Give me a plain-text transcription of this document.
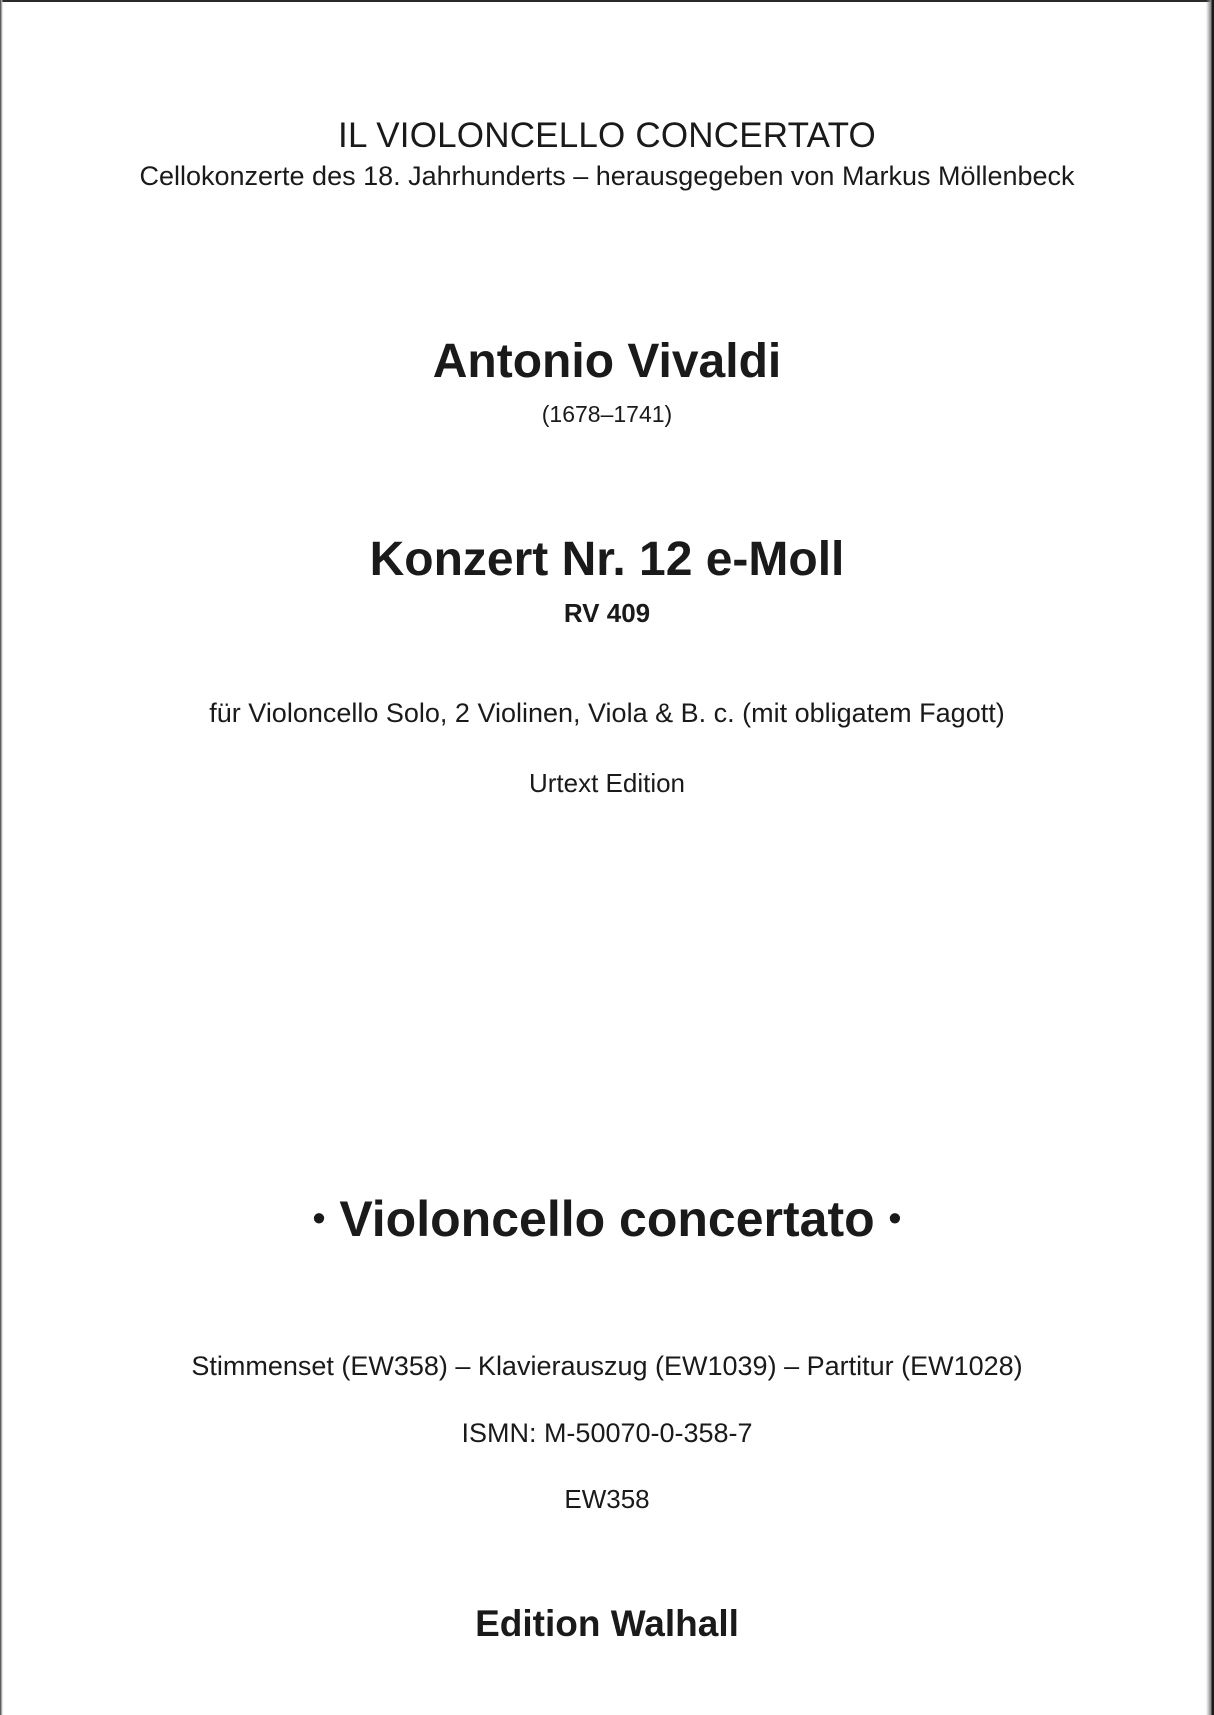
IL VIOLONCELLO CONCERTATO

Cellokonzerte des 18. Jahrhunderts – herausgegeben von Markus Möllenbeck

Antonio Vivaldi

(1678–1741)

Konzert Nr. 12 e-Moll

RV 409

für Violoncello Solo, 2 Violinen, Viola & B. c. (mit obligatem Fagott)

Urtext Edition

• Violoncello concertato •

Stimmenset (EW358) – Klavierauszug (EW1039) – Partitur (EW1028)

ISMN: M-50070-0-358-7

EW358

Edition Walhall
